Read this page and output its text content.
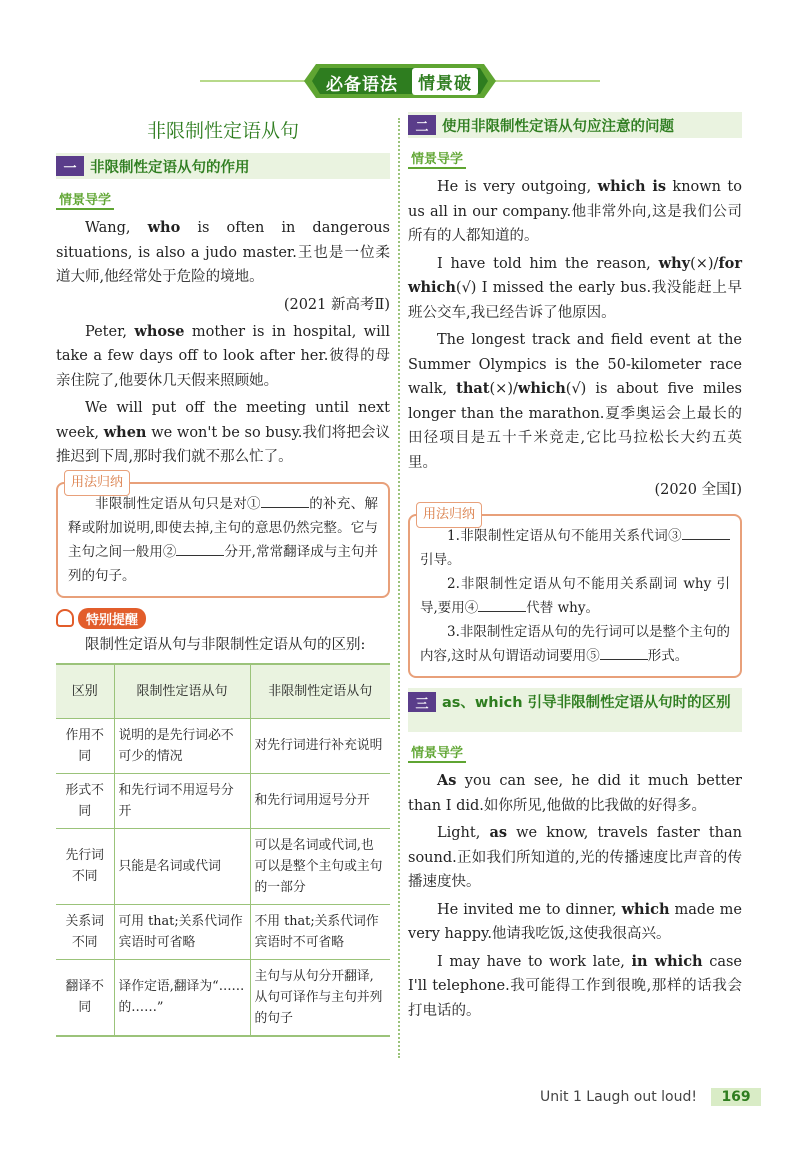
必备语法	情景破
非限制性定语从句
一 非限制性定语从句的作用
情景导学

Wang, who is often in dangerous situations, is also a judo master.王也是一位柔道大师,他经常处于危险的境地。

(2021 新高考Ⅱ)

Peter, whose mother is in hospital, will take a few days off to look after her.彼得的母亲住院了,他要休几天假来照顾她。

We will put off the meeting until next week, when we won't be so busy.我们将把会议推迟到下周,那时我们就不那么忙了。

用法归纳

非限制性定语从句只是对①	的补充、解释或附加说明,即使去掉,主句的意思仍然完整。它与主句之间一般用②	分开,常常翻译成与主句并列的句子。

特别提醒

限制性定语从句与非限制性定语从句的区别:

区别	限制性定语从句	非限制性定语从句
作用不同	说明的是先行词必不可少的情况	对先行词进行补充说明
形式不同	和先行词不用逗号分开	和先行词用逗号分开
先行词不同	只能是名词或代词	可以是名词或代词,也可以是整个主句或主句的一部分
关系词不同	可用 that;关系代词作宾语时可省略	不用 that;关系代词作宾语时不可省略
翻译不同	译作定语,翻译为“……的……”	主句与从句分开翻译,从句可译作与主句并列的句子
二 使用非限制性定语从句应注意的问题
情景导学

He is very outgoing, which is known to us all in our company.他非常外向,这是我们公司所有的人都知道的。

I have told him the reason, why(×)/for which(√) I missed the early bus.我没能赶上早班公交车,我已经告诉了他原因。

The longest track and field event at the Summer Olympics is the 50-kilometer race walk, that(×)/which(√) is about five miles longer than the marathon.夏季奥运会上最长的田径项目是五十千米竞走,它比马拉松长大约五英里。

(2020 全国Ⅰ)

用法归纳

1.非限制性定语从句不能用关系代词③引导。

2.非限制性定语从句不能用关系副词 why 引导,要用④	代替 why。

3.非限制性定语从句的先行词可以是整个主句的内容,这时从句谓语动词要用⑤	形式。

三 as、which 引导非限制性定语从句时的区别
情景导学

As you can see, he did it much better than I did.如你所见,他做的比我做的好得多。

Light, as we know, travels faster than sound.正如我们所知道的,光的传播速度比声音的传播速度快。

He invited me to dinner, which made me very happy.他请我吃饭,这使我很高兴。

I may have to work late, in which case I'll telephone.我可能得工作到很晚,那样的话我会打电话的。

Unit 1 Laugh out loud! 169
